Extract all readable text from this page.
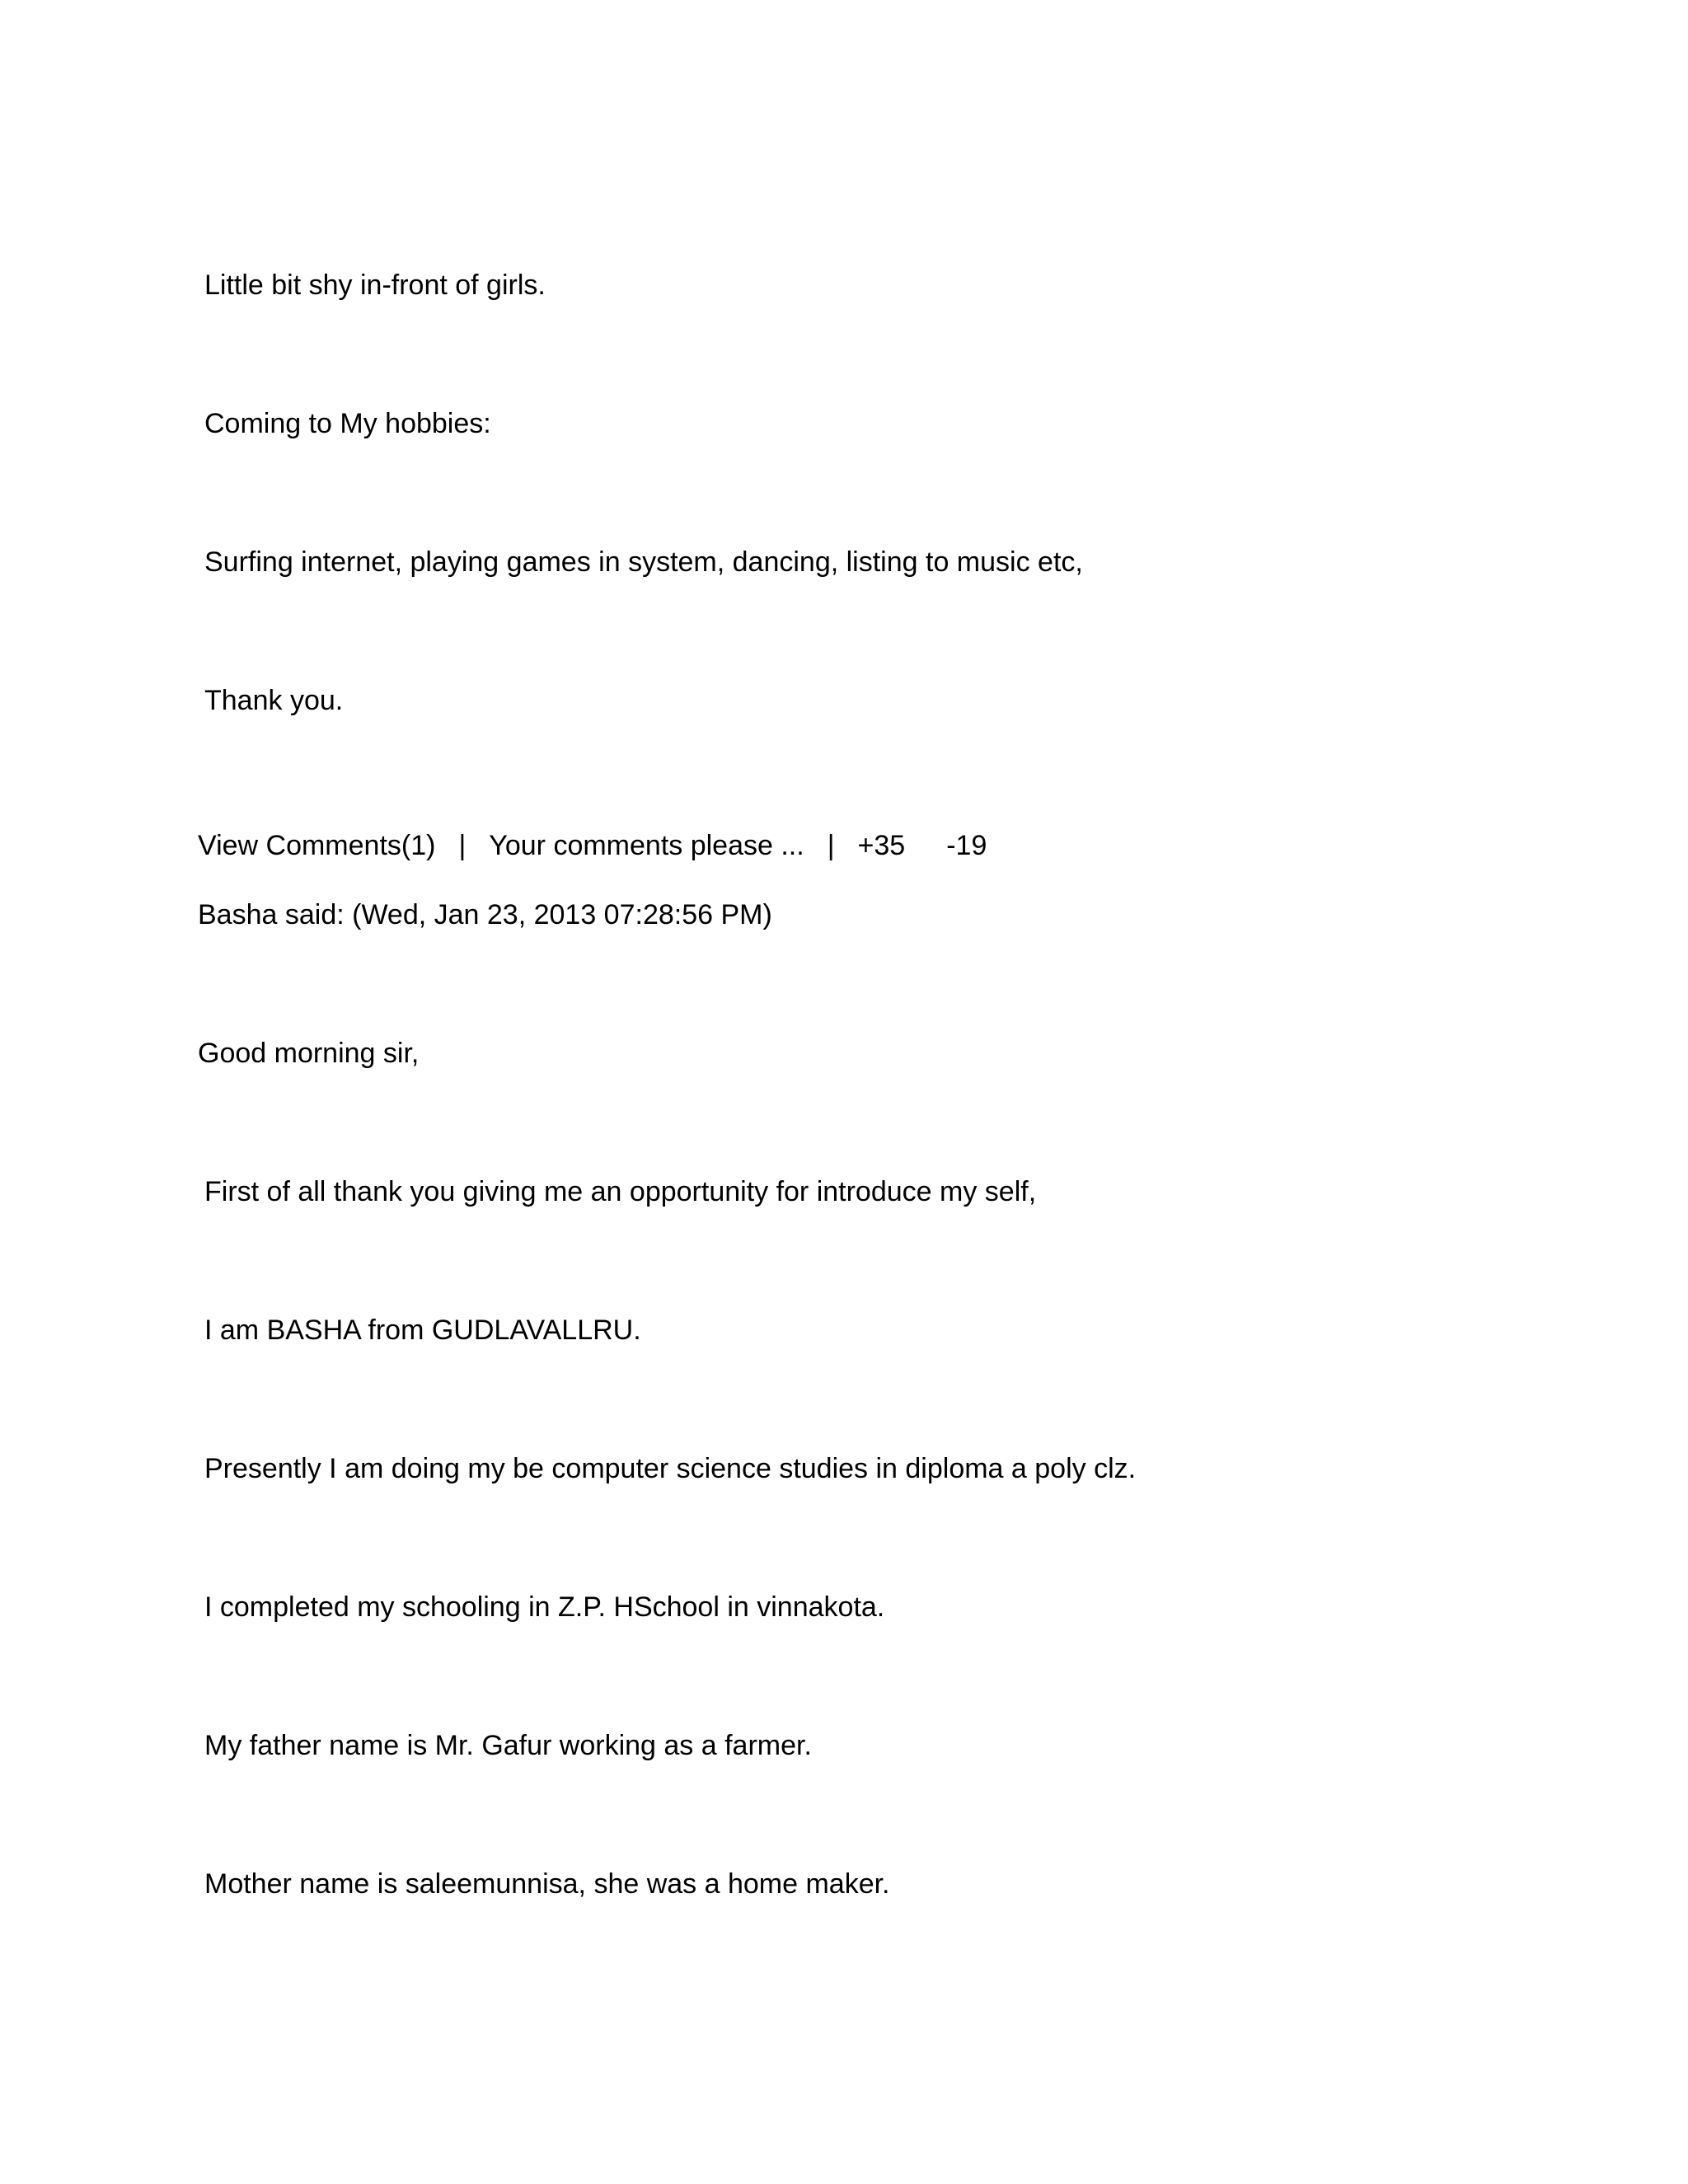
Little bit shy in-front of girls.
Coming to My hobbies:
Surfing internet, playing games in system, dancing, listing to music etc,
Thank you.
View Comments(1) | Your comments please ... | +35 -19
Basha said: (Wed, Jan 23, 2013 07:28:56 PM)
Good morning sir,
First of all thank you giving me an opportunity for introduce my self,
I am BASHA from GUDLAVALLRU.
Presently I am doing my be computer science studies in diploma a poly clz.
I completed my schooling in Z.P. HSchool in vinnakota.
My father name is Mr. Gafur working as a farmer.
Mother name is saleemunnisa, she was a home maker.
